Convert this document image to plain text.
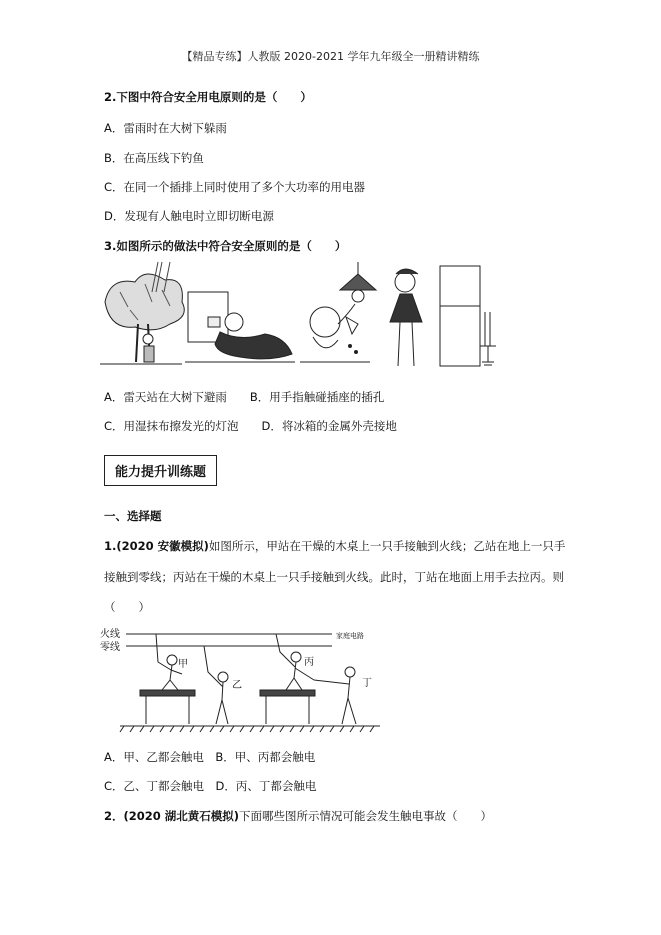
【精品专练】人教版 2020-2021 学年九年级全一册精讲精练
2.下图中符合安全用电原则的是（　　）
A．雷雨时在大树下躲雨
B．在高压线下钓鱼
C．在同一个插排上同时使用了多个大功率的用电器
D．发现有人触电时立即切断电源
3.如图所示的做法中符合安全原则的是（　　）
A．雷天站在大树下避雨　　B．用手指触碰插座的插孔
C．用湿抹布擦发光的灯泡　　D．将冰箱的金属外壳接地
能力提升训练题
一、选择题
1.(2020 安徽模拟)如图所示，甲站在干燥的木桌上一只手接触到火线；乙站在地上一只手
接触到零线；丙站在干燥的木桌上一只手接触到火线。此时，丁站在地面上用手去拉丙。则
（　　）
火线
零线
家庭电路
甲
乙
丙
丁
A．甲、乙都会触电　B．甲、丙都会触电
C．乙、丁都会触电　D．丙、丁都会触电
2．(2020 湖北黄石模拟)下面哪些图所示情况可能会发生触电事故（　　）
